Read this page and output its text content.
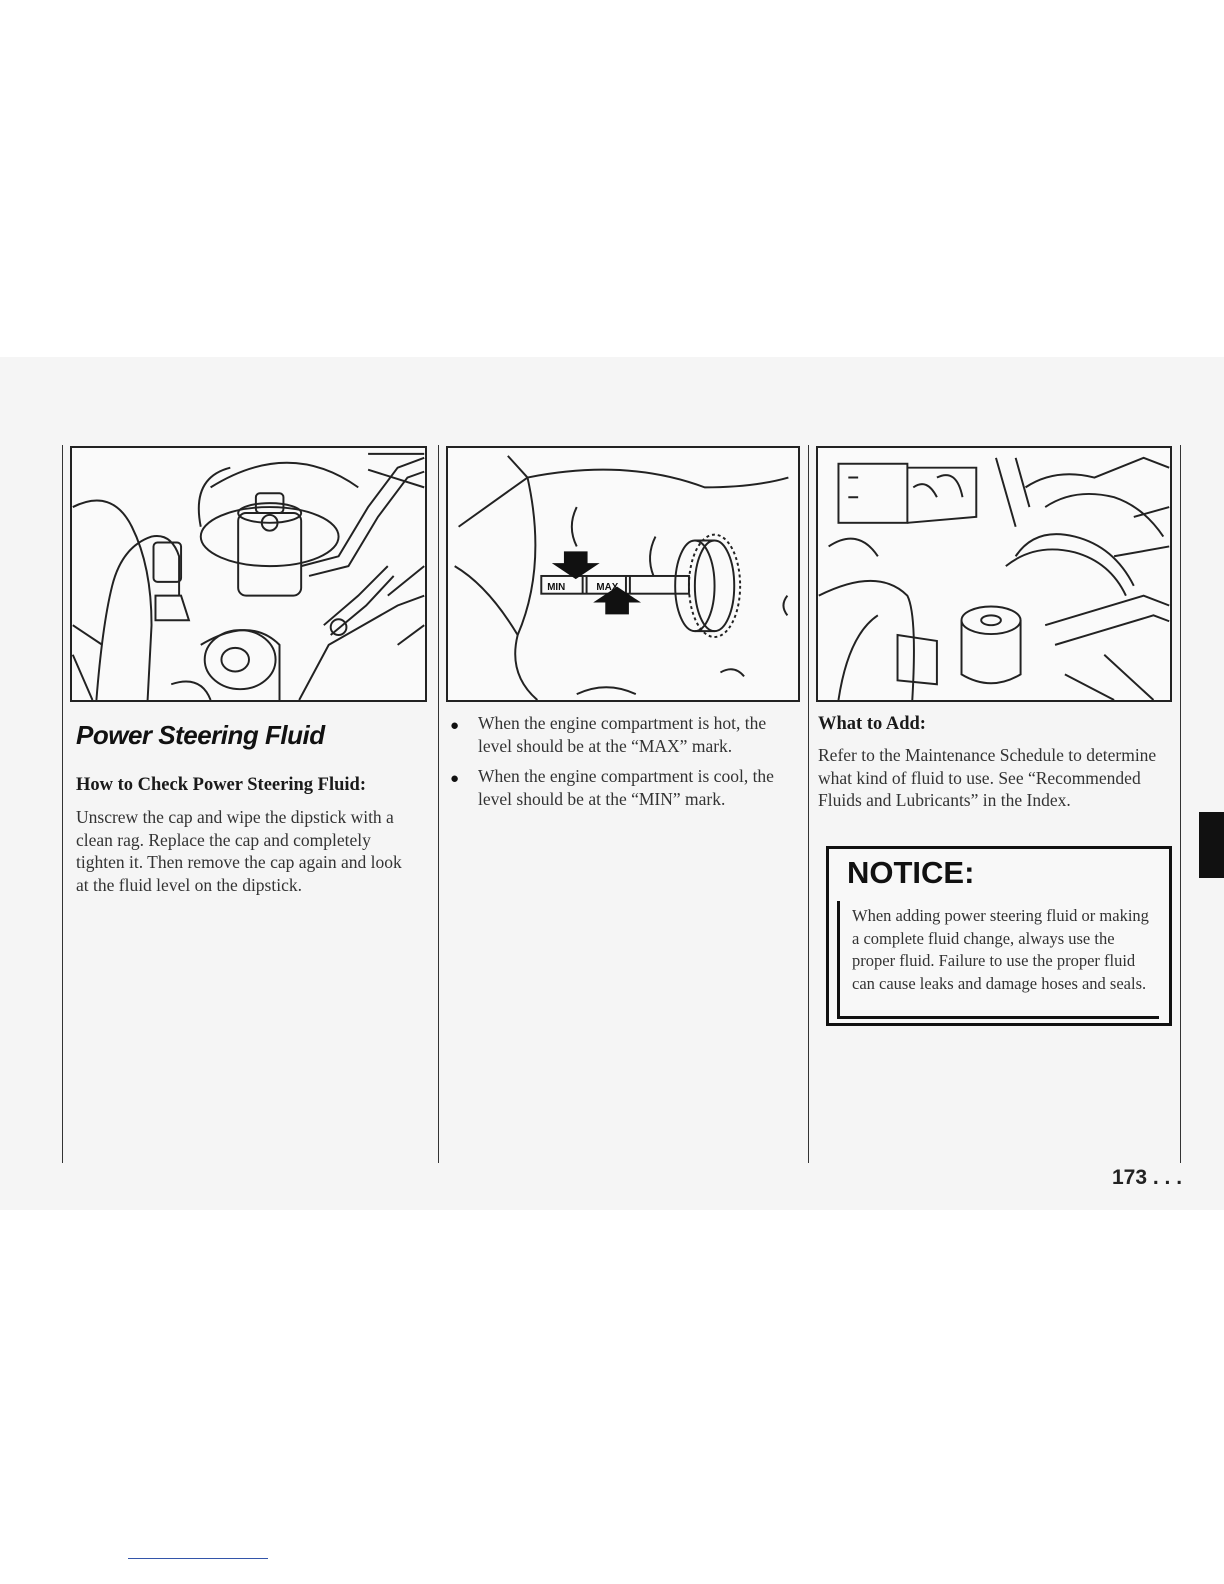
MIN	MAX
Power Steering Fluid
How to Check Power Steering Fluid:

Unscrew the cap and wipe the dipstick with a clean rag. Replace the cap and completely tighten it. Then remove the cap again and look at the fluid level on the dipstick.

● When the engine compartment is hot, the level should be at the “MAX” mark.
● When the engine compartment is cool, the level should be at the “MIN” mark.
What to Add:

Refer to the Maintenance Schedule to determine what kind of fluid to use. See “Recommended Fluids and Lubricants” in the Index.

NOTICE:

When adding power steering fluid or making a complete fluid change, always use the proper fluid. Failure to use the proper fluid can cause leaks and damage hoses and seals.

173 . . .
